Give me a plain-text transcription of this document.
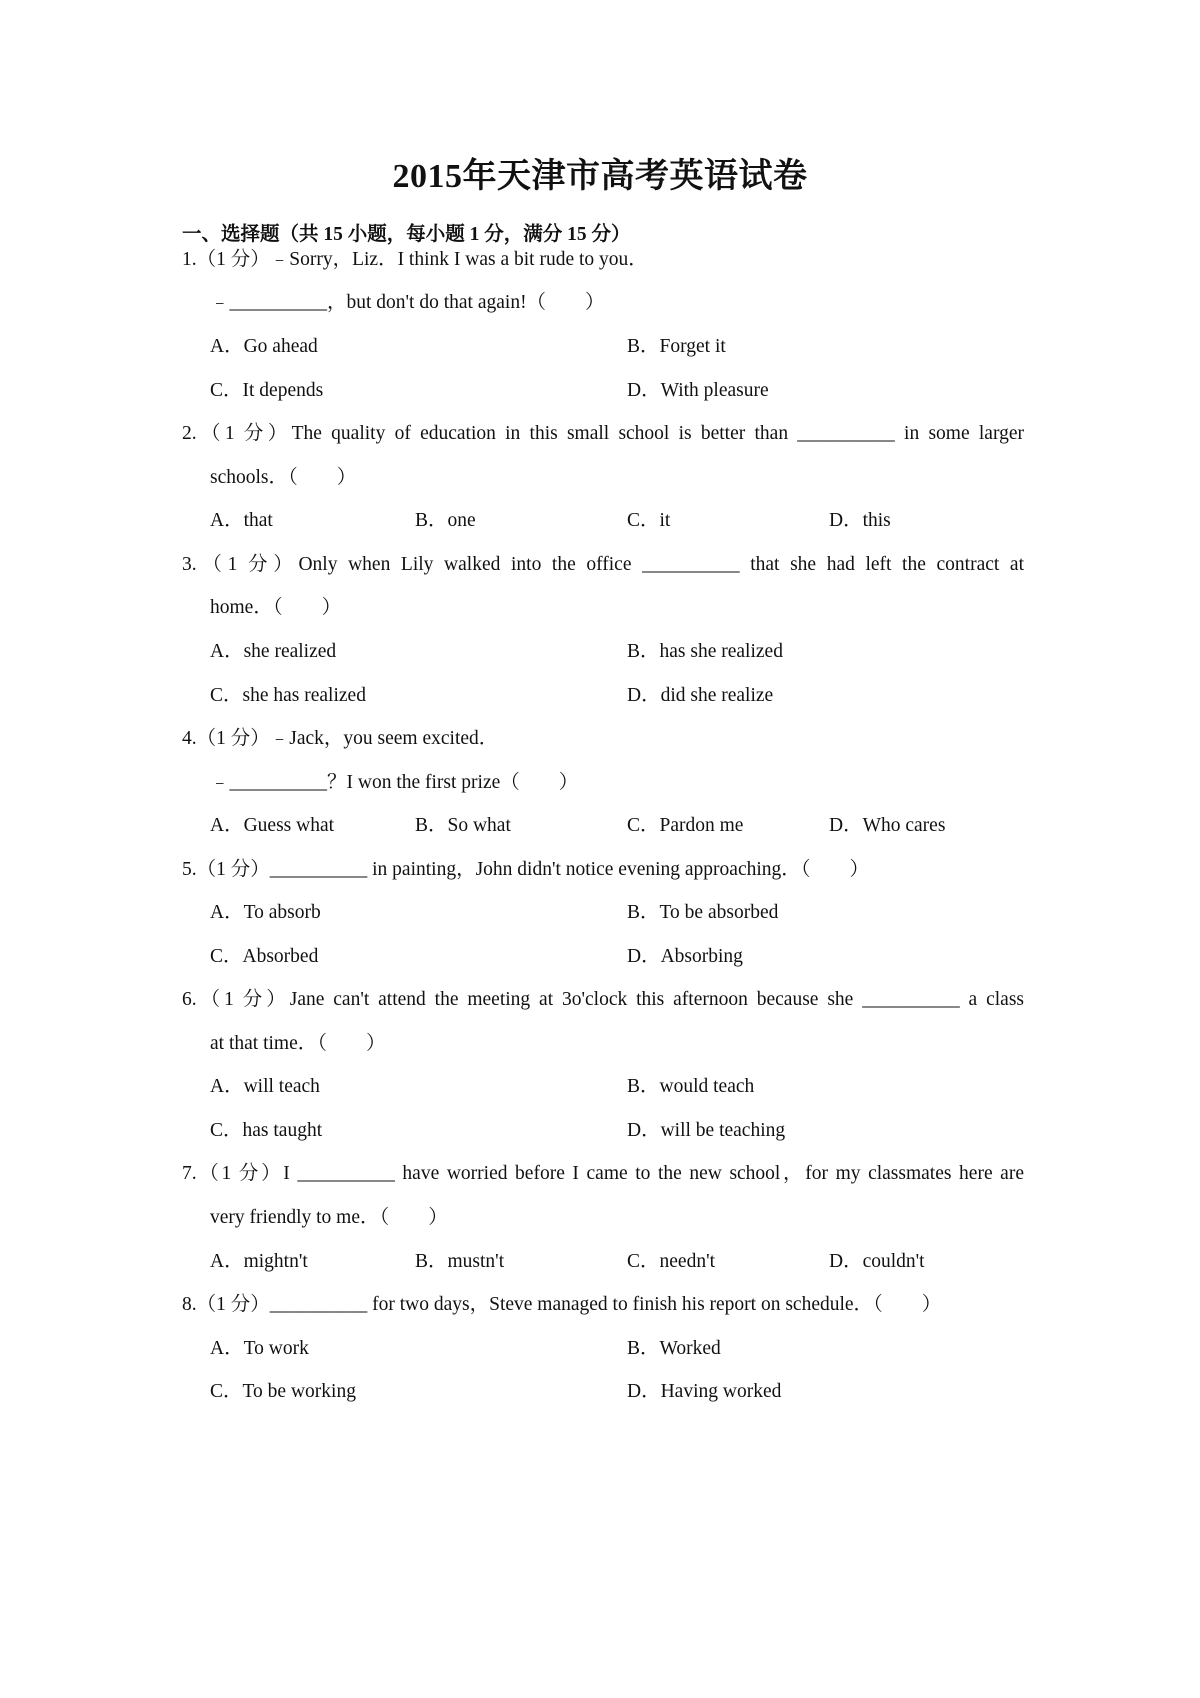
2015年天津市高考英语试卷
一、选择题（共 15 小题，每小题 1 分，满分 15 分）
1.（1 分）﹣Sorry，Liz．I think I was a bit rude to you．
﹣__________，but don't do that again!（　　）
A．Go ahead	B．Forget it
C．It depends	D．With pleasure
2.（1 分）The quality of education in this small school is better than __________ in some larger
schools．（　　）
A．that	B．one	C．it	D．this
3.（1 分）Only when Lily walked into the office __________ that she had left the contract at
home．（　　）
A．she realized	B．has she realized
C．she has realized	D．did she realize
4.（1 分）﹣Jack，you seem excited．
﹣__________？I won the first prize（　　）
A．Guess what	B．So what	C．Pardon me	D．Who cares
5.（1 分）__________ in painting，John didn't notice evening approaching．（　　）
A．To absorb	B．To be absorbed
C．Absorbed	D．Absorbing
6.（1 分）Jane can't attend the meeting at 3o'clock this afternoon because she __________ a class
at that time．（　　）
A．will teach	B．would teach
C．has taught	D．will be teaching
7.（1 分）I __________ have worried before I came to the new school，for my classmates here are
very friendly to me．（　　）
A．mightn't	B．mustn't	C．needn't	D．couldn't
8.（1 分）__________ for two days，Steve managed to finish his report on schedule．（　　）
A．To work	B．Worked
C．To be working	D．Having worked
